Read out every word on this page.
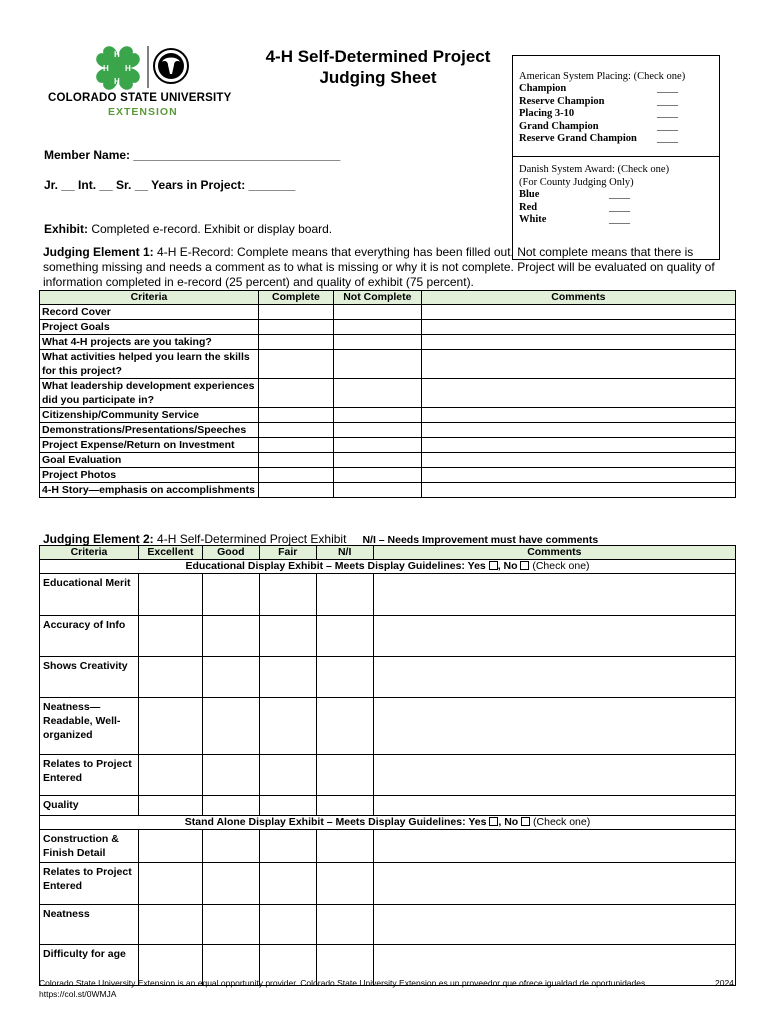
H
H H
H
COLORADO STATE UNIVERSITY
EXTENSION
4-H Self-Determined Project
Judging Sheet	American System Placing: (Check one)
Champion	____
Reserve Champion	____
Placing 3-10	____
Grand Champion	____
Reserve Grand Champion	____
Danish System Award: (Check one)
(For County Judging Only)
Blue	____
Red	____
White	____
Member Name: _______________________________
Jr. __ Int. __ Sr. __ Years in Project: _______
Exhibit: Completed e-record. Exhibit or display board.
Judging Element 1: 4-H E-Record: Complete means that everything has been filled out. Not complete means that there is something missing and needs a comment as to what is missing or why it is not complete. Project will be evaluated on quality of information completed in e-record (25 percent) and quality of exhibit (75 percent).
Criteria	Complete	Not Complete	Comments
Record Cover			
Project Goals			
What 4-H projects are you taking?			
What activities helped you learn the skills for this project?			
What leadership development experiences did you participate in?			
Citizenship/Community Service			
Demonstrations/Presentations/Speeches			
Project Expense/Return on Investment			
Goal Evaluation			
Project Photos			
4-H Story—emphasis on accomplishments			
Judging Element 2: 4-H Self-Determined Project Exhibit N/I – Needs Improvement must have comments
Criteria	Excellent	Good	Fair	N/I	Comments
Educational Display Exhibit – Meets Display Guidelines: Yes , No  (Check one)					
Educational Merit					
Accuracy of Info					
Shows Creativity					
Neatness—Readable, Well-organized					
Relates to Project Entered					
Quality					
Stand Alone Display Exhibit – Meets Display Guidelines: Yes , No  (Check one)					
Construction & Finish Detail					
Relates to Project Entered					
Neatness					
Difficulty for age					
Colorado State University Extension is an equal opportunity provider. Colorado State University Extension es un proveedor que ofrece igualdad de oportunidades.
https://col.st/0WMJA
2024
